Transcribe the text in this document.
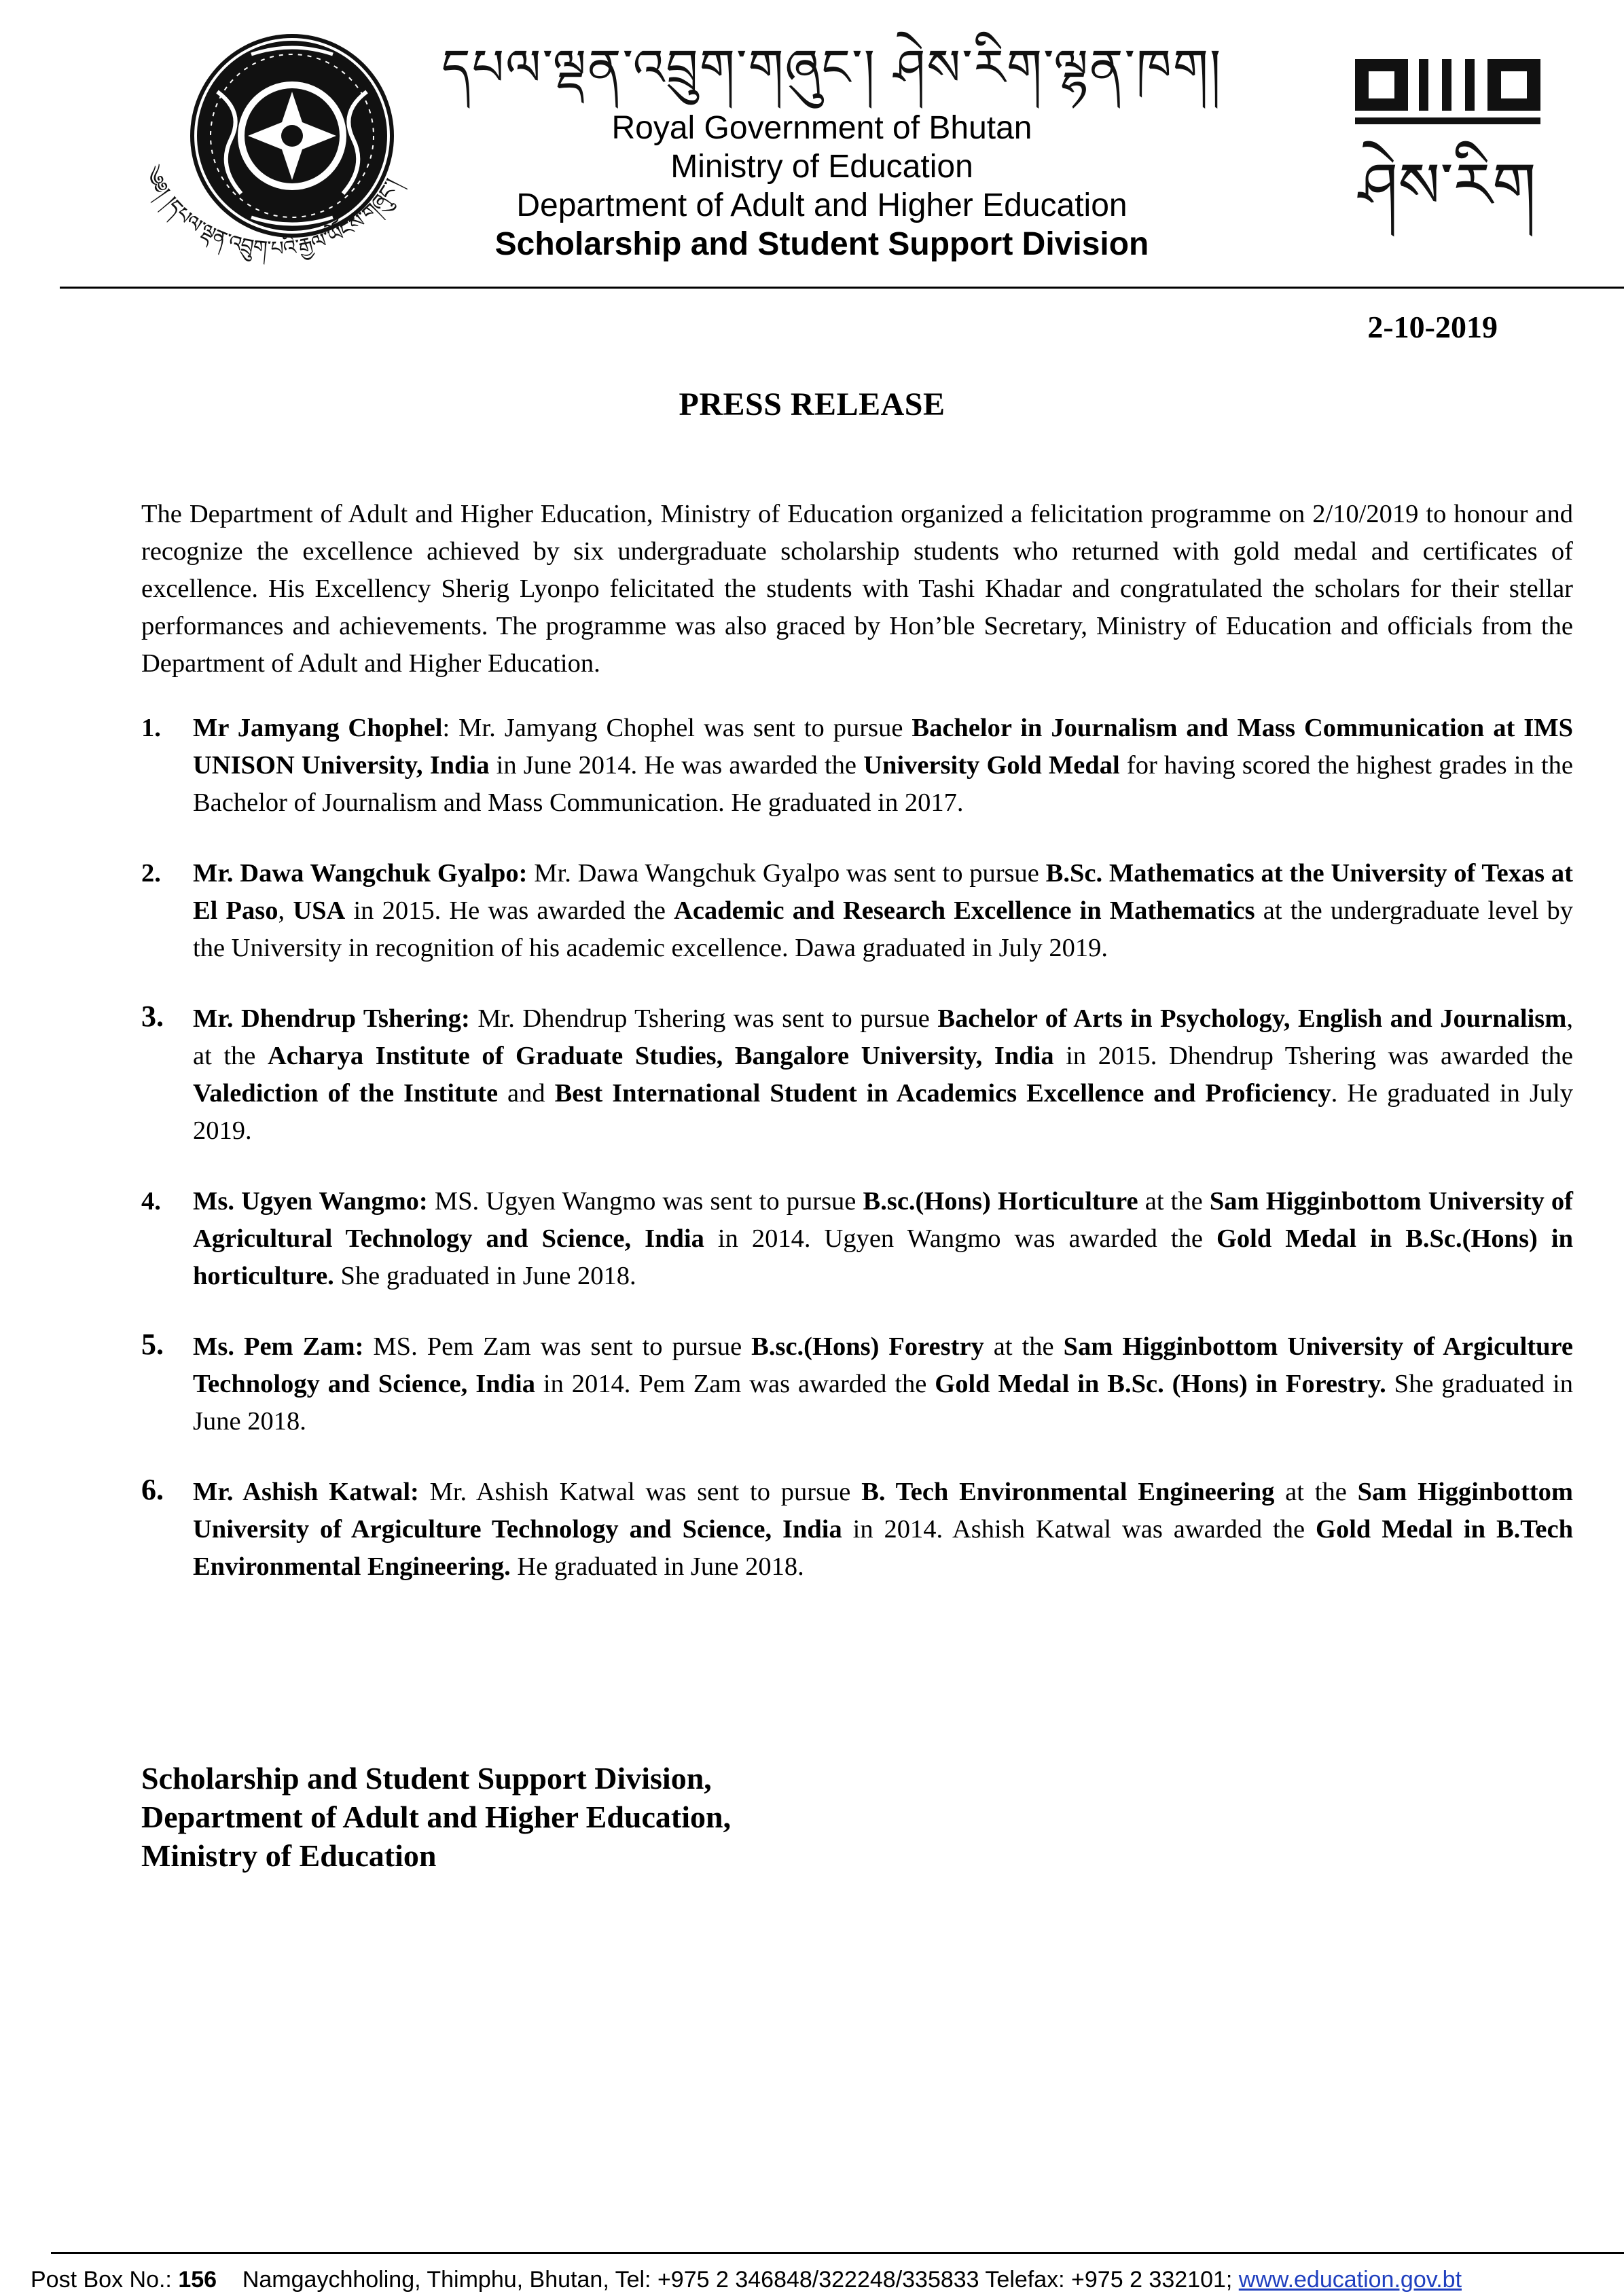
༄༅། །དཔལ་ལྡན་འབྲུག་པའི་རྒྱལ་ཡོངས་གཞུང་།
དཔལ་ལྡན་འབྲུག་གཞུང་། ཤེས་རིག་ལྷན་ཁག།
Royal Government of Bhutan
Ministry of Education
Department of Adult and Higher Education
Scholarship and Student Support Division
ཤེས་རིག
2-10-2019
PRESS RELEASE

The Department of Adult and Higher Education, Ministry of Education organized a felicitation programme on 2/10/2019 to honour and recognize the excellence achieved by six undergraduate scholarship students who returned with gold medal and certificates of excellence. His Excellency Sherig Lyonpo felicitated the students with Tashi Khadar and congratulated the scholars for their stellar performances and achievements. The programme was also graced by Hon’ble Secretary, Ministry of Education and officials from the Department of Adult and Higher Education.

1. Mr Jamyang Chophel: Mr. Jamyang Chophel was sent to pursue Bachelor in Journalism and Mass Communication at IMS UNISON University, India in June 2014. He was awarded the University Gold Medal for having scored the highest grades in the Bachelor of Journalism and Mass Communication. He graduated in 2017.
2. Mr. Dawa Wangchuk Gyalpo: Mr. Dawa Wangchuk Gyalpo was sent to pursue B.Sc. Mathematics at the University of Texas at El Paso, USA in 2015. He was awarded the Academic and Research Excellence in Mathematics at the undergraduate level by the University in recognition of his academic excellence. Dawa graduated in July 2019.
3. Mr. Dhendrup Tshering: Mr. Dhendrup Tshering was sent to pursue Bachelor of Arts in Psychology, English and Journalism, at the Acharya Institute of Graduate Studies, Bangalore University, India in 2015. Dhendrup Tshering was awarded the Valediction of the Institute and Best International Student in Academics Excellence and Proficiency. He graduated in July 2019.
4. Ms. Ugyen Wangmo: MS. Ugyen Wangmo was sent to pursue B.sc.(Hons) Horticulture at the Sam Higginbottom University of Agricultural Technology and Science, India in 2014. Ugyen Wangmo was awarded the Gold Medal in B.Sc.(Hons) in horticulture. She graduated in June 2018.
5. Ms. Pem Zam: MS. Pem Zam was sent to pursue B.sc.(Hons) Forestry at the Sam Higginbottom University of Argiculture Technology and Science, India in 2014. Pem Zam was awarded the Gold Medal in B.Sc. (Hons) in Forestry. She graduated in June 2018.
6. Mr. Ashish Katwal: Mr. Ashish Katwal was sent to pursue B. Tech Environmental Engineering at the Sam Higginbottom University of Argiculture Technology and Science, India in 2014. Ashish Katwal was awarded the Gold Medal in B.Tech Environmental Engineering. He graduated in June 2018.
Scholarship and Student Support Division,
Department of Adult and Higher Education,
Ministry of Education
Post Box No.: 156    Namgaychholing, Thimphu, Bhutan, Tel: +975 2 346848/322248/335833 Telefax: +975 2 332101; www.education.gov.bt
